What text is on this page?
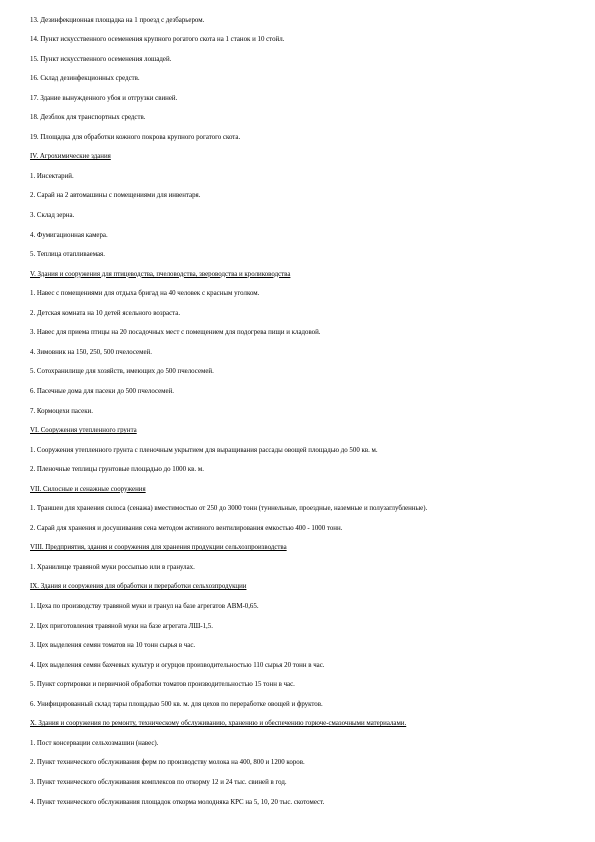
13. Дезинфекционная площадка на 1 проезд с дезбарьером.
14. Пункт искусственного осеменения крупного рогатого скота на 1 станок и 10 стойл.
15. Пункт искусственного осеменения лошадей.
16. Склад дезинфекционных средств.
17. Здание вынужденного убоя и отгрузки свиней.
18. Дезблок для транспортных средств.
19. Площадка для обработки кожного покрова крупного рогатого скота.
IV. Агрохимические здания
1. Инсектарий.
2. Сарай на 2 автомашины с помещениями для инвентаря.
3. Склад зерна.
4. Фумигационная камера.
5. Теплица отапливаемая.
V. Здания и сооружения для птицеводства, пчеловодства, звероводства и кролиководства
1. Навес с помещениями для отдыха бригад на 40 человек с красным уголком.
2. Детская комната на 10 детей ясельного возраста.
3. Навес для приема птицы на 20 посадочных мест с помещением для подогрева пищи и кладовой.
4. Зимовник на 150, 250, 500 пчелосемей.
5. Сотохранилище для хозяйств, имеющих до 500 пчелосемей.
6. Пасечные дома для пасеки до 500 пчелосемей.
7. Кормоцехи пасеки.
VI. Сооружения утепленного грунта
1. Сооружения утепленного грунта с пленочным укрытием для выращивания рассады овощей площадью до 500 кв. м.
2. Пленочные теплицы грунтовые площадью до 1000 кв. м.
VII. Силосные и сенажные сооружения
1. Траншеи для хранения силоса (сенажа) вместимостью от 250 до 3000 тонн (туннельные, проездные, наземные и полузаглубленные).
2. Сарай для хранения и досушивания сена методом активного вентилирования емкостью 400 - 1000 тонн.
VIII. Предприятия, здания и сооружения для хранения продукции сельхозпроизводства
1. Хранилище травяной муки россыпью или в гранулах.
IX. Здания и сооружения для обработки и переработки сельхозпродукции
1. Цеха по производству травяной муки и гранул на базе агрегатов АВМ-0,65.
2. Цех приготовления травяной муки на базе агрегата ЛШ-1,5.
3. Цех выделения семян томатов на 10 тонн сырья в час.
4. Цех выделения семян бахчевых культур и огурцов производительностью 110 сырья 20 тонн в час.
5. Пункт сортировки и первичной обработки томатов производительностью 15 тонн в час.
6. Унифицированный склад тары площадью 500 кв. м. для цехов по переработке овощей и фруктов.
X. Здания и сооружения по ремонту, техническому обслуживанию, хранению и обеспечению горюче-смазочными материалами.
1. Пост консервации сельхозмашин (навес).
2. Пункт технического обслуживания ферм по производству молока на 400, 800 и 1200 коров.
3. Пункт технического обслуживания комплексов по откорму 12 и 24 тыс. свиней в год.
4. Пункт технического обслуживания площадок откорма молодняка КРС на 5, 10, 20 тыс. скотомест.
